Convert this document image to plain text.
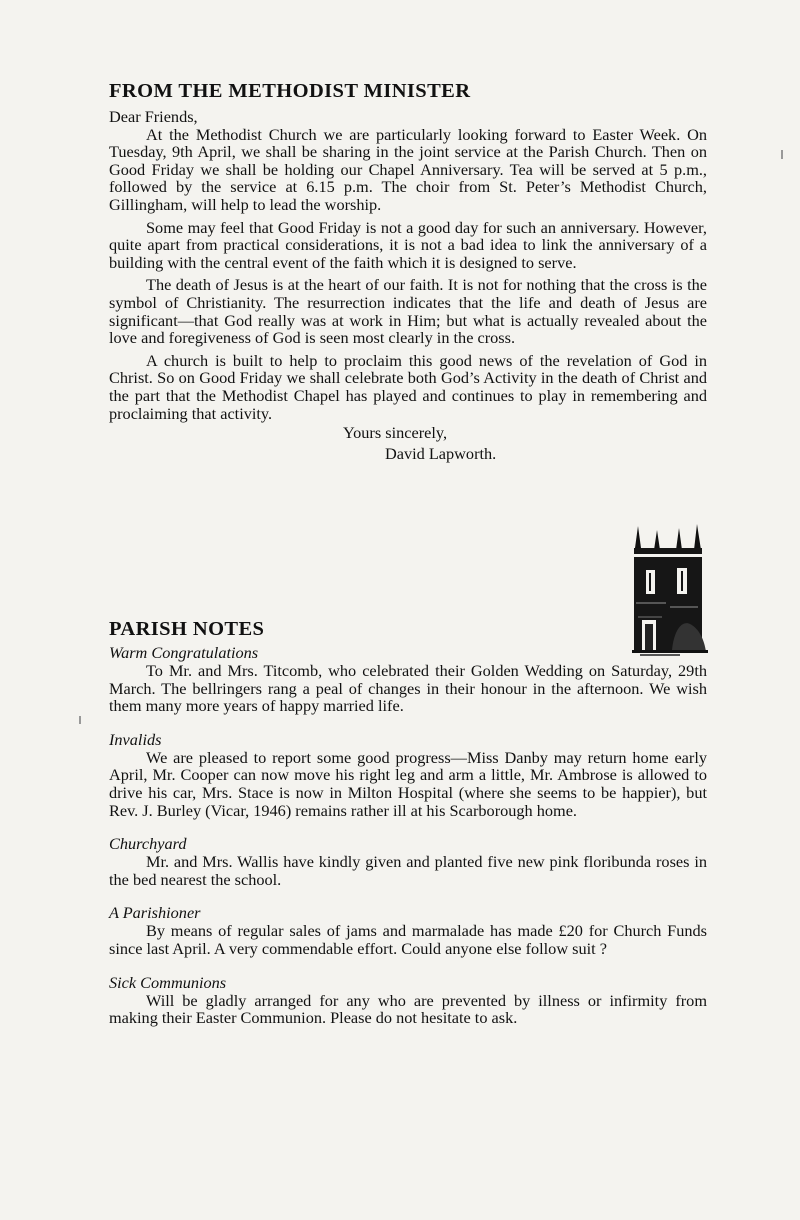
FROM THE METHODIST MINISTER

Dear Friends,

At the Methodist Church we are particularly looking forward to Easter Week. On Tuesday, 9th April, we shall be sharing in the joint service at the Parish Church. Then on Good Friday we shall be holding our Chapel Anniversary. Tea will be served at 5 p.m., followed by the service at 6.15 p.m. The choir from St. Peter’s Methodist Church, Gillingham, will help to lead the worship.

Some may feel that Good Friday is not a good day for such an anniversary. However, quite apart from practical considerations, it is not a bad idea to link the anniversary of a building with the central event of the faith which it is designed to serve.

The death of Jesus is at the heart of our faith. It is not for nothing that the cross is the symbol of Christianity. The resurrection indicates that the life and death of Jesus are significant—that God really was at work in Him; but what is actually revealed about the love and foregiveness of God is seen most clearly in the cross.

A church is built to help to proclaim this good news of the revelation of God in Christ. So on Good Friday we shall celebrate both God’s Activity in the death of Christ and the part that the Methodist Chapel has played and continues to play in remembering and proclaiming that activity.

Yours sincerely,

David Lapworth.

PARISH NOTES

Warm Congratulations

To Mr. and Mrs. Titcomb, who celebrated their Golden Wedding on Saturday, 29th March. The bellringers rang a peal of changes in their honour in the afternoon. We wish them many more years of happy married life.

Invalids

We are pleased to report some good progress—Miss Danby may return home early April, Mr. Cooper can now move his right leg and arm a little, Mr. Ambrose is allowed to drive his car, Mrs. Stace is now in Milton Hospital (where she seems to be happier), but Rev. J. Burley (Vicar, 1946) remains rather ill at his Scarborough home.

Churchyard

Mr. and Mrs. Wallis have kindly given and planted five new pink floribunda roses in the bed nearest the school.

A Parishioner

By means of regular sales of jams and marmalade has made £20 for Church Funds since last April. A very commendable effort. Could anyone else follow suit ?

Sick Communions

Will be gladly arranged for any who are prevented by illness or infirmity from making their Easter Communion. Please do not hesitate to ask.
